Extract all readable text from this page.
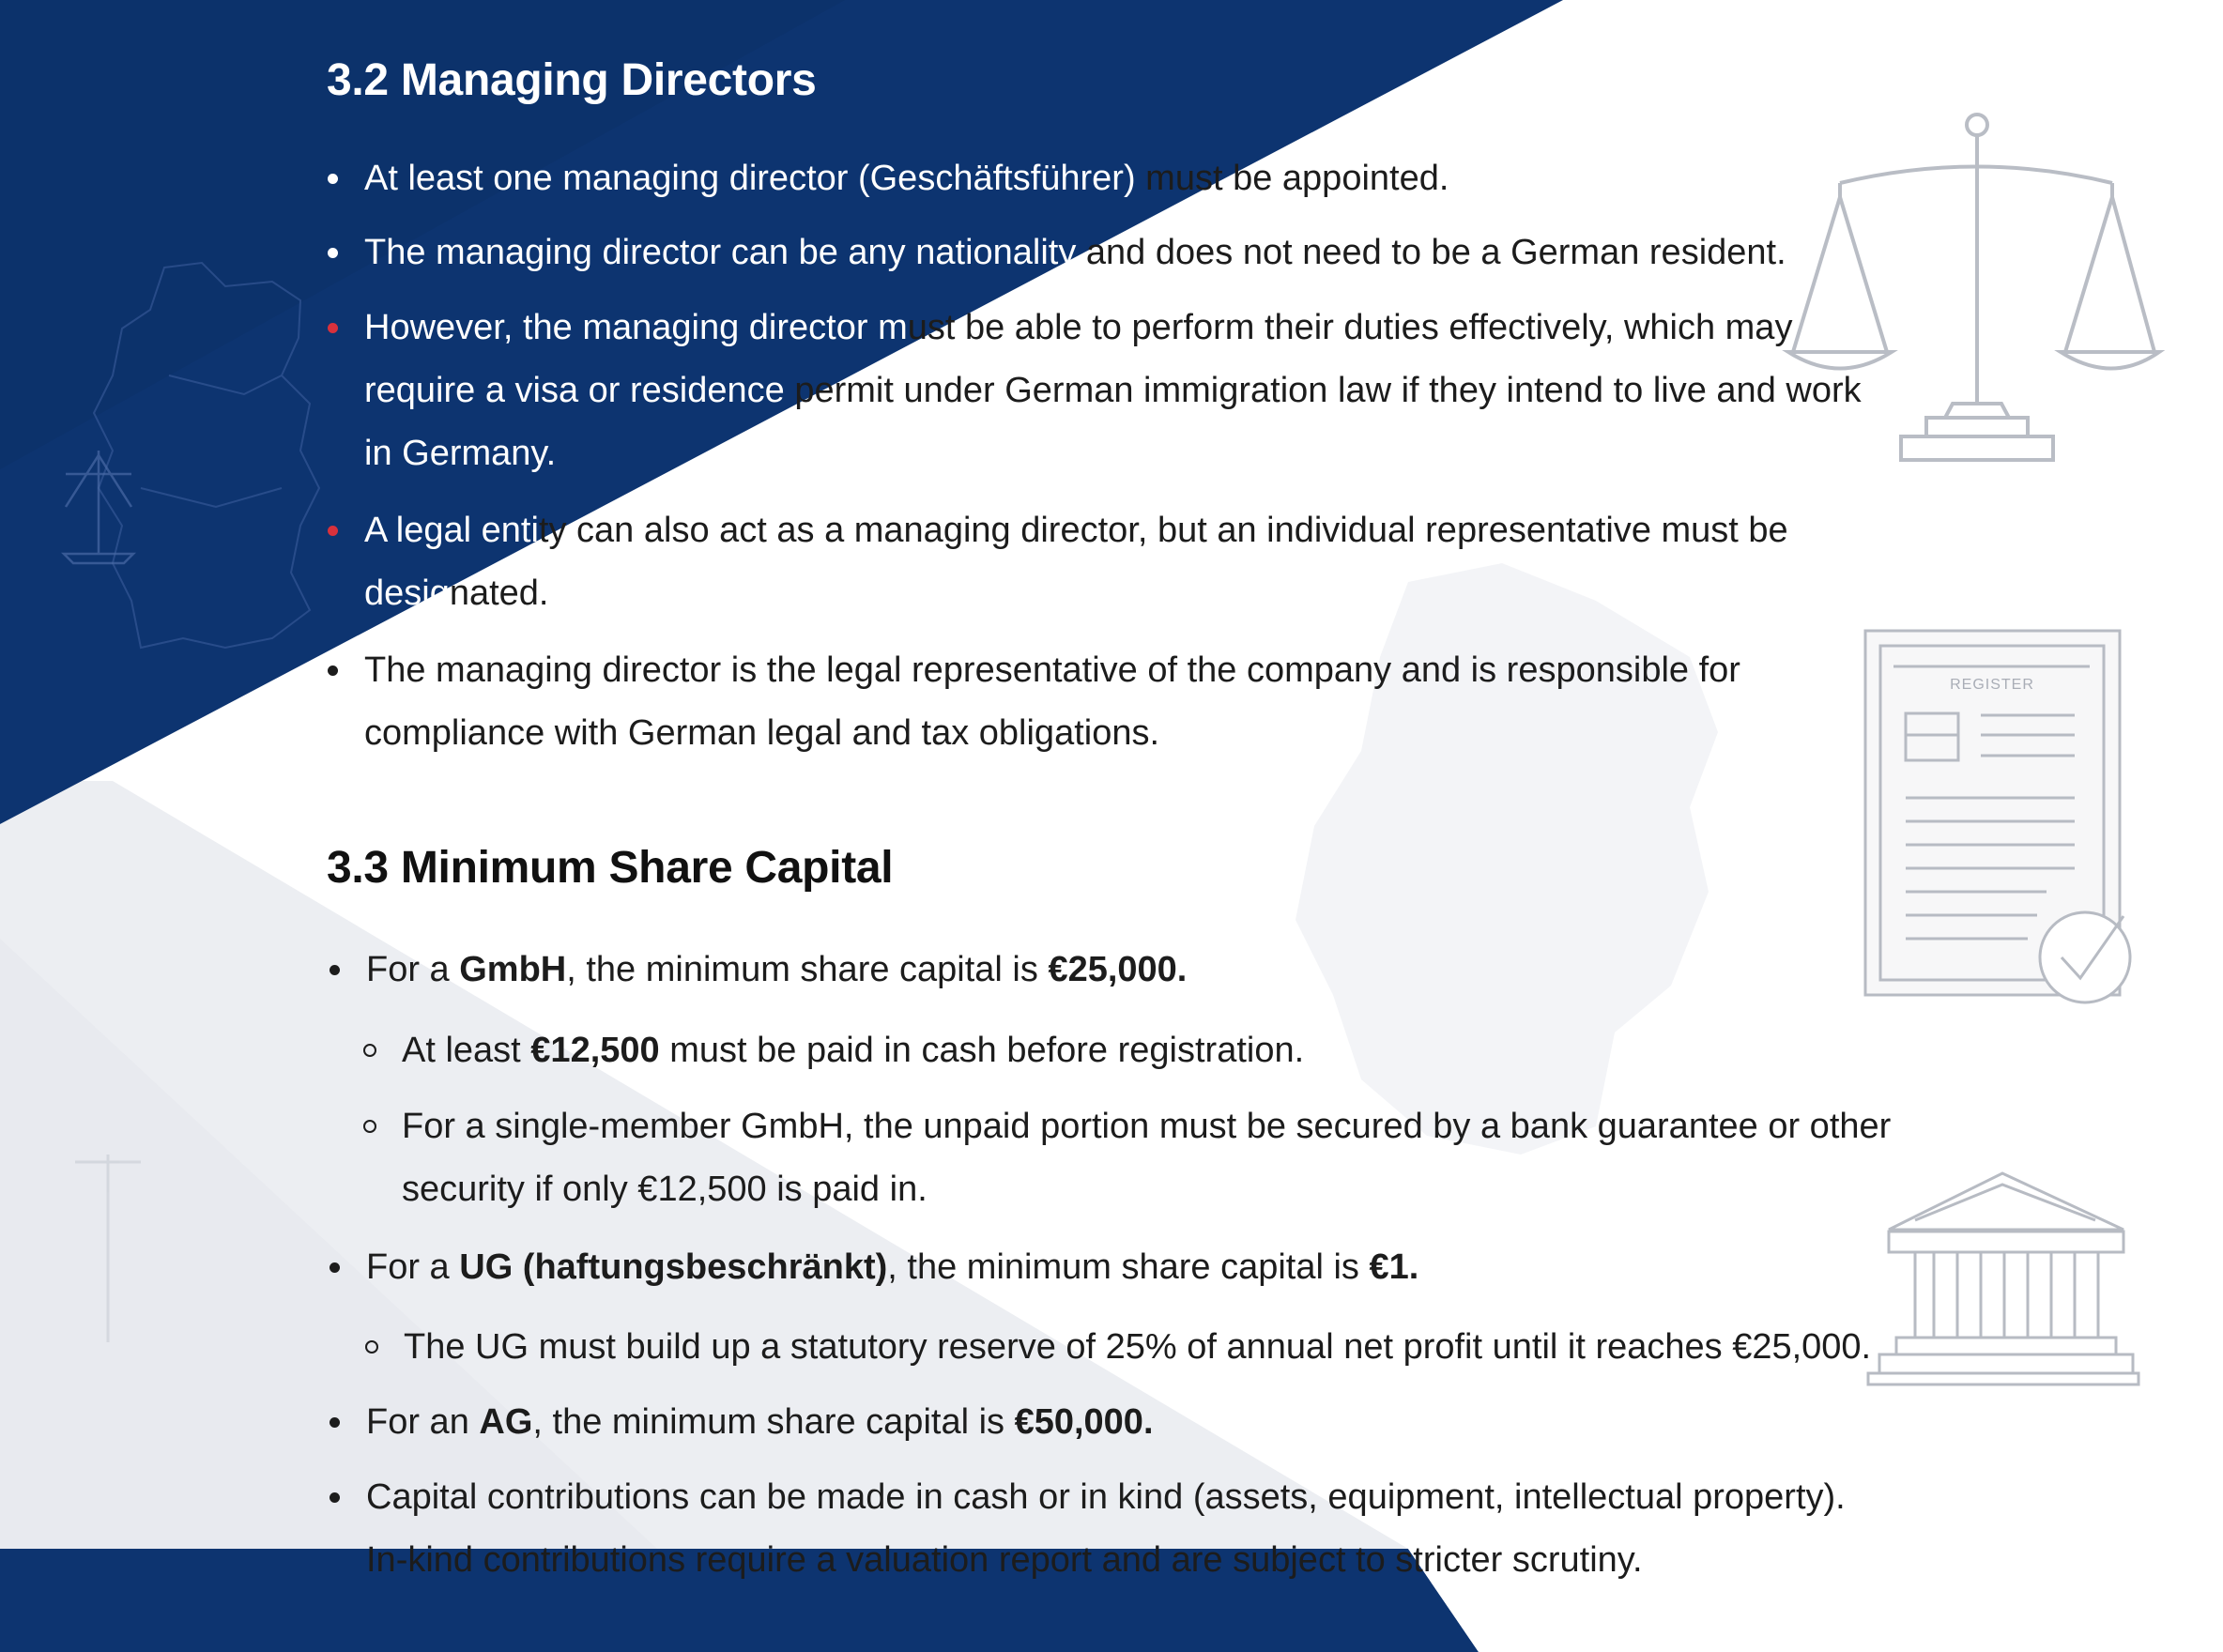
REGISTER
3.2 Managing Directors
At least one managing director (Geschäftsführer) must be appointed.
The managing director can be any nationality and does not need to be a German resident.
However, the managing director must be able to perform their duties effectively, which may
require a visa or residence permit under German immigration law if they intend to live and work
in Germany.
A legal entity can also act as a managing director, but an individual representative must be
designated.
The managing director is the legal representative of the company and is responsible for
compliance with German legal and tax obligations.
3.3 Minimum Share Capital
For a GmbH, the minimum share capital is €25,000.
At least €12,500 must be paid in cash before registration.
For a single-member GmbH, the unpaid portion must be secured by a bank guarantee or other
security if only €12,500 is paid in.
For a UG (haftungsbeschränkt), the minimum share capital is €1.
The UG must build up a statutory reserve of 25% of annual net profit until it reaches €25,000.
For an AG, the minimum share capital is €50,000.
Capital contributions can be made in cash or in kind (assets, equipment, intellectual property).
In-kind contributions require a valuation report and are subject to stricter scrutiny.
